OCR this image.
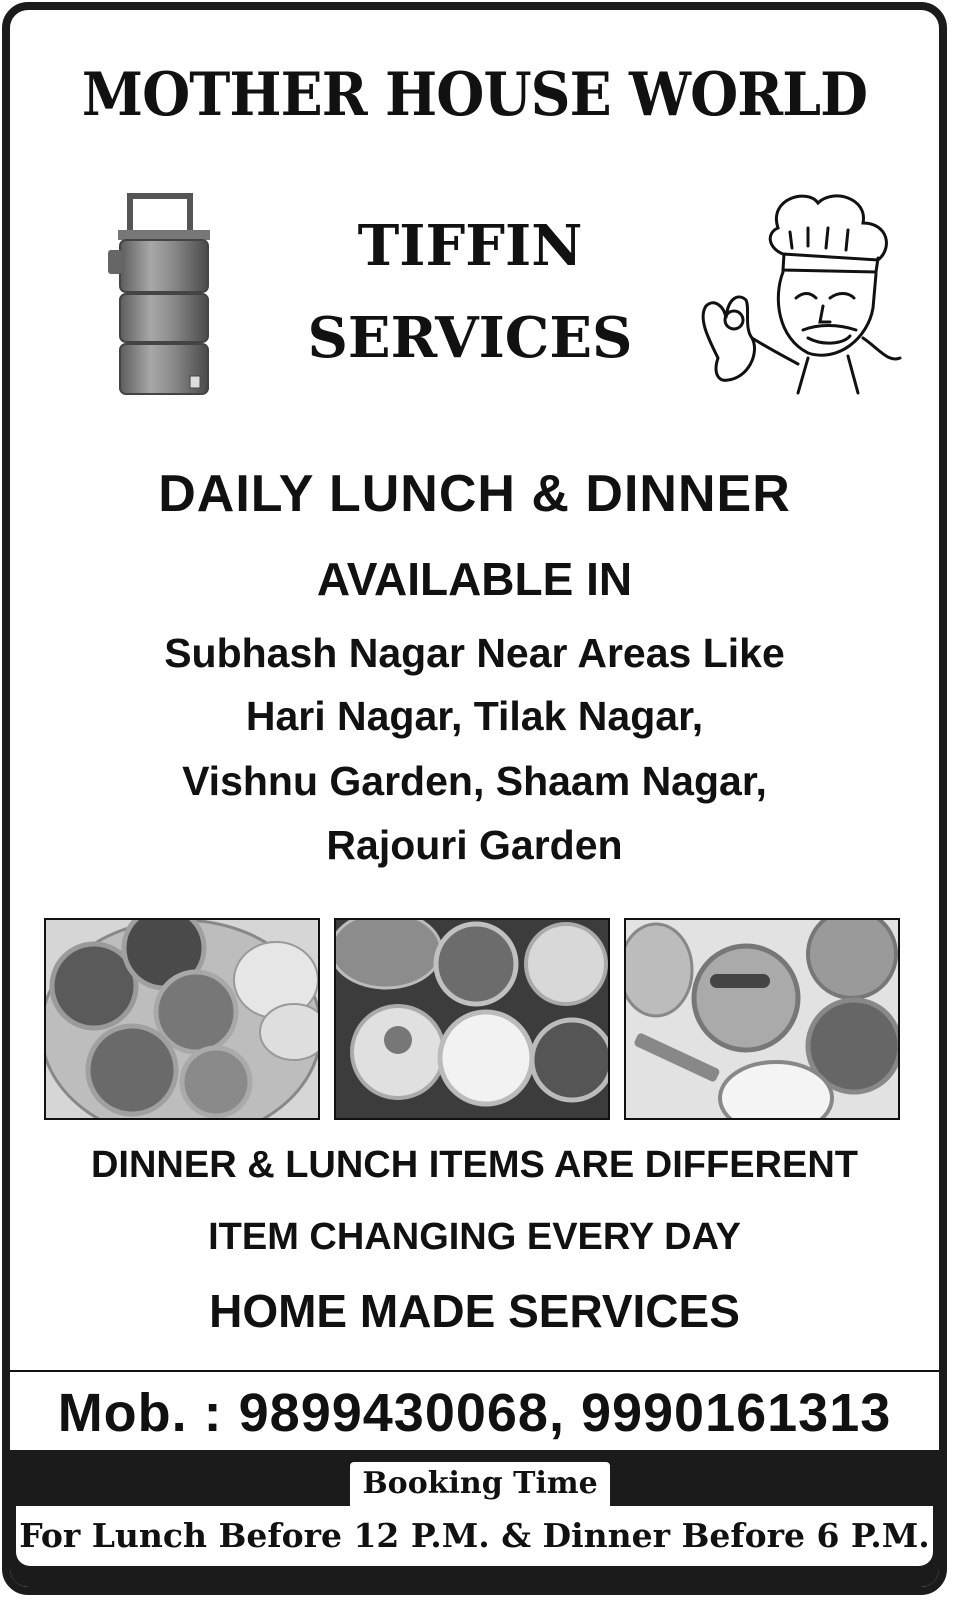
MOTHER HOUSE WORLD
TIFFIN
SERVICES
DAILY LUNCH & DINNER
AVAILABLE IN
Subhash Nagar Near Areas Like
Hari Nagar, Tilak Nagar,
Vishnu Garden, Shaam Nagar,
Rajouri Garden
DINNER & LUNCH ITEMS ARE DIFFERENT
ITEM CHANGING EVERY DAY
HOME MADE SERVICES
Mob. : 9899430068, 9990161313
Booking Time
For Lunch Before 12 P.M. & Dinner Before 6 P.M.
